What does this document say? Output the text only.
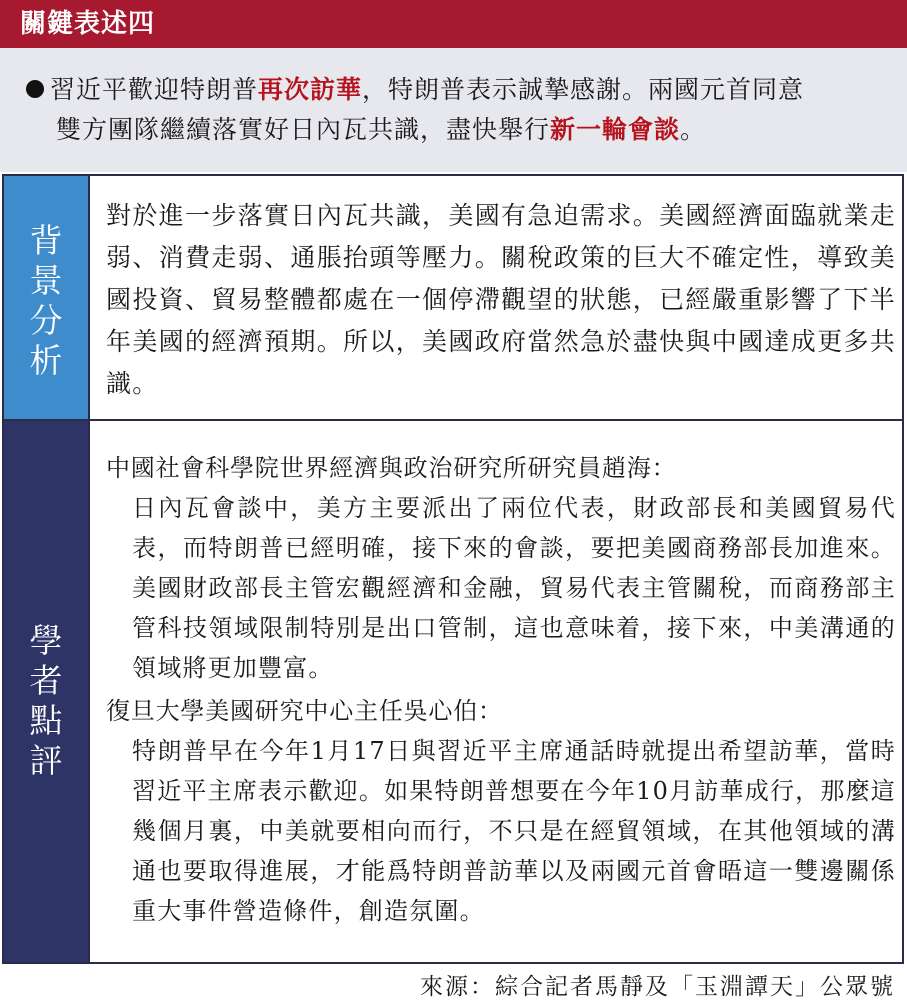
關鍵表述四
習近平歡迎特朗普再次訪華，特朗普表示誠摯感謝。兩國元首同意
雙方團隊繼續落實好日內瓦共識，盡快舉行新一輪會談。
背
景
分
析
對於進一步落實日內瓦共識，美國有急迫需求。美國經濟面臨就業走弱、消費走弱、通脹抬頭等壓力。關稅政策的巨大不確定性，導致美國投資、貿易整體都處在一個停滯觀望的狀態，已經嚴重影響了下半年美國的經濟預期。所以，美國政府當然急於盡快與中國達成更多共識。
學
者
點
評
中國社會科學院世界經濟與政治研究所研究員趙海：
日內瓦會談中，美方主要派出了兩位代表，財政部長和美國貿易代表，而特朗普已經明確，接下來的會談，要把美國商務部長加進來。美國財政部長主管宏觀經濟和金融，貿易代表主管關稅，而商務部主管科技領域限制特別是出口管制，這也意味着，接下來，中美溝通的領域將更加豐富。
復旦大學美國研究中心主任吳心伯：
特朗普早在今年1月17日與習近平主席通話時就提出希望訪華，當時習近平主席表示歡迎。如果特朗普想要在今年10月訪華成行，那麼這幾個月裏，中美就要相向而行，不只是在經貿領域，在其他領域的溝通也要取得進展，才能爲特朗普訪華以及兩國元首會晤這一雙邊關係重大事件營造條件，創造氛圍。
來源：綜合記者馬靜及「玉淵譚天」公眾號
